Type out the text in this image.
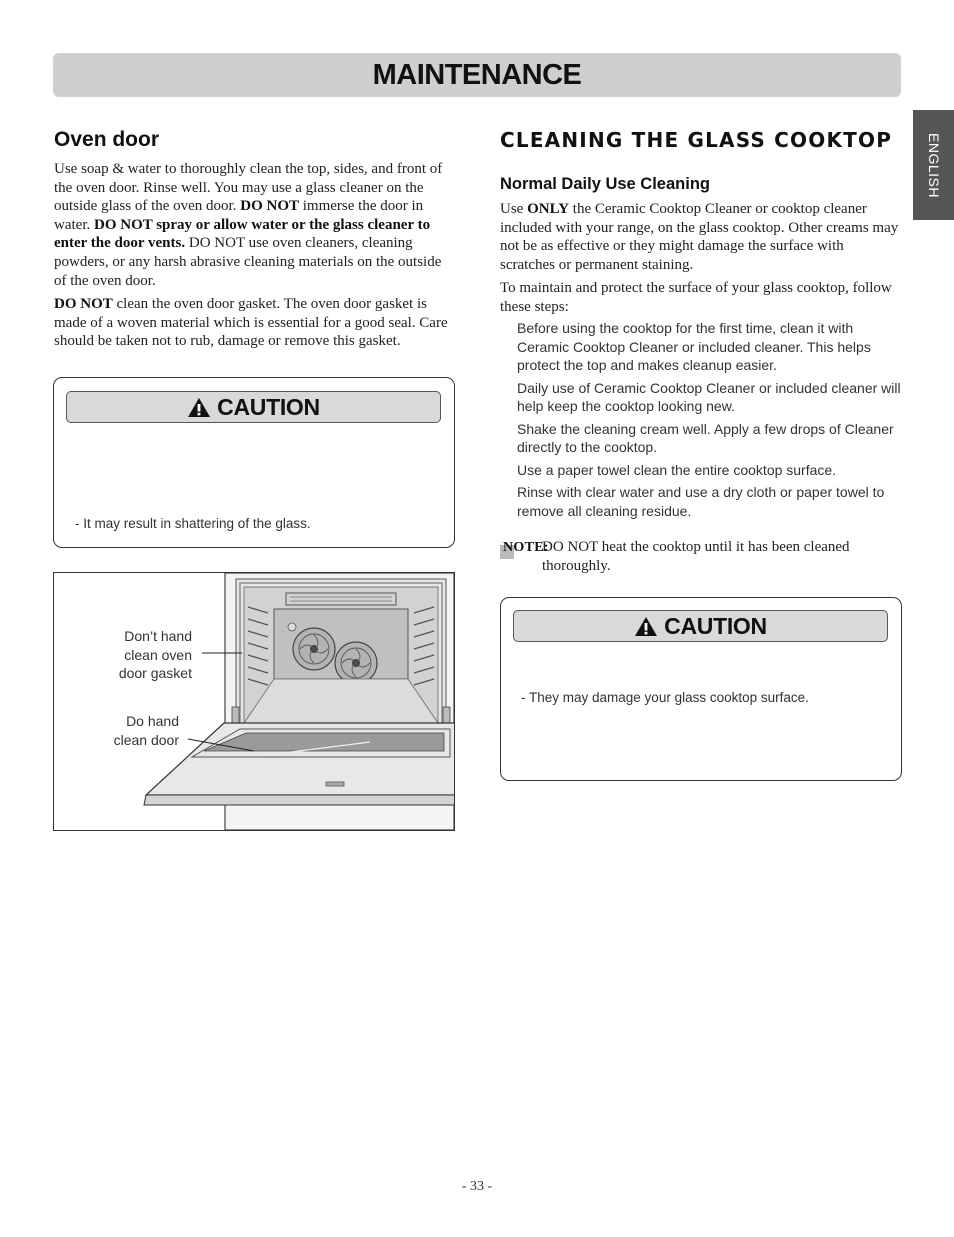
MAINTENANCE
ENGLISH
Oven door

Use soap & water to thoroughly clean the top, sides, and front of the oven door. Rinse well. You may use a glass cleaner on the outside glass of the oven door. DO NOT immerse the door in water. DO NOT spray or allow water or the glass cleaner to enter the door vents. DO NOT use oven cleaners, cleaning powders, or any harsh abrasive cleaning materials on the outside of the oven door.

DO NOT clean the oven door gasket. The oven door gasket is made of a woven material which is essential for a good seal. Care should be taken not to rub, damage or remove this gasket.

CAUTION
- It may result in shattering of the glass.
Don’t hand clean oven door gasket
Do hand clean door
CLEANING THE GLASS COOKTOP
Normal Daily Use Cleaning

Use ONLY the Ceramic Cooktop Cleaner or cooktop cleaner included with your range, on the glass cooktop. Other creams may not be as effective or they might damage the surface with scratches or permanent staining.

To maintain and protect the surface of your glass cooktop, follow these steps:

Before using the cooktop for the first time, clean it with Ceramic Cooktop Cleaner or included cleaner. This helps protect the top and makes cleanup easier.
Daily use of Ceramic Cooktop Cleaner or included cleaner will help keep the cooktop looking new.
Shake the cleaning cream well. Apply a few drops of Cleaner directly to the cooktop.
Use a paper towel clean the entire cooktop surface.
Rinse with clear water and use a dry cloth or paper towel to remove all cleaning residue.
NOTE:
DO NOT heat the cooktop until it has been cleaned thoroughly.
CAUTION
- They may damage your glass cooktop surface.
- 33 -
